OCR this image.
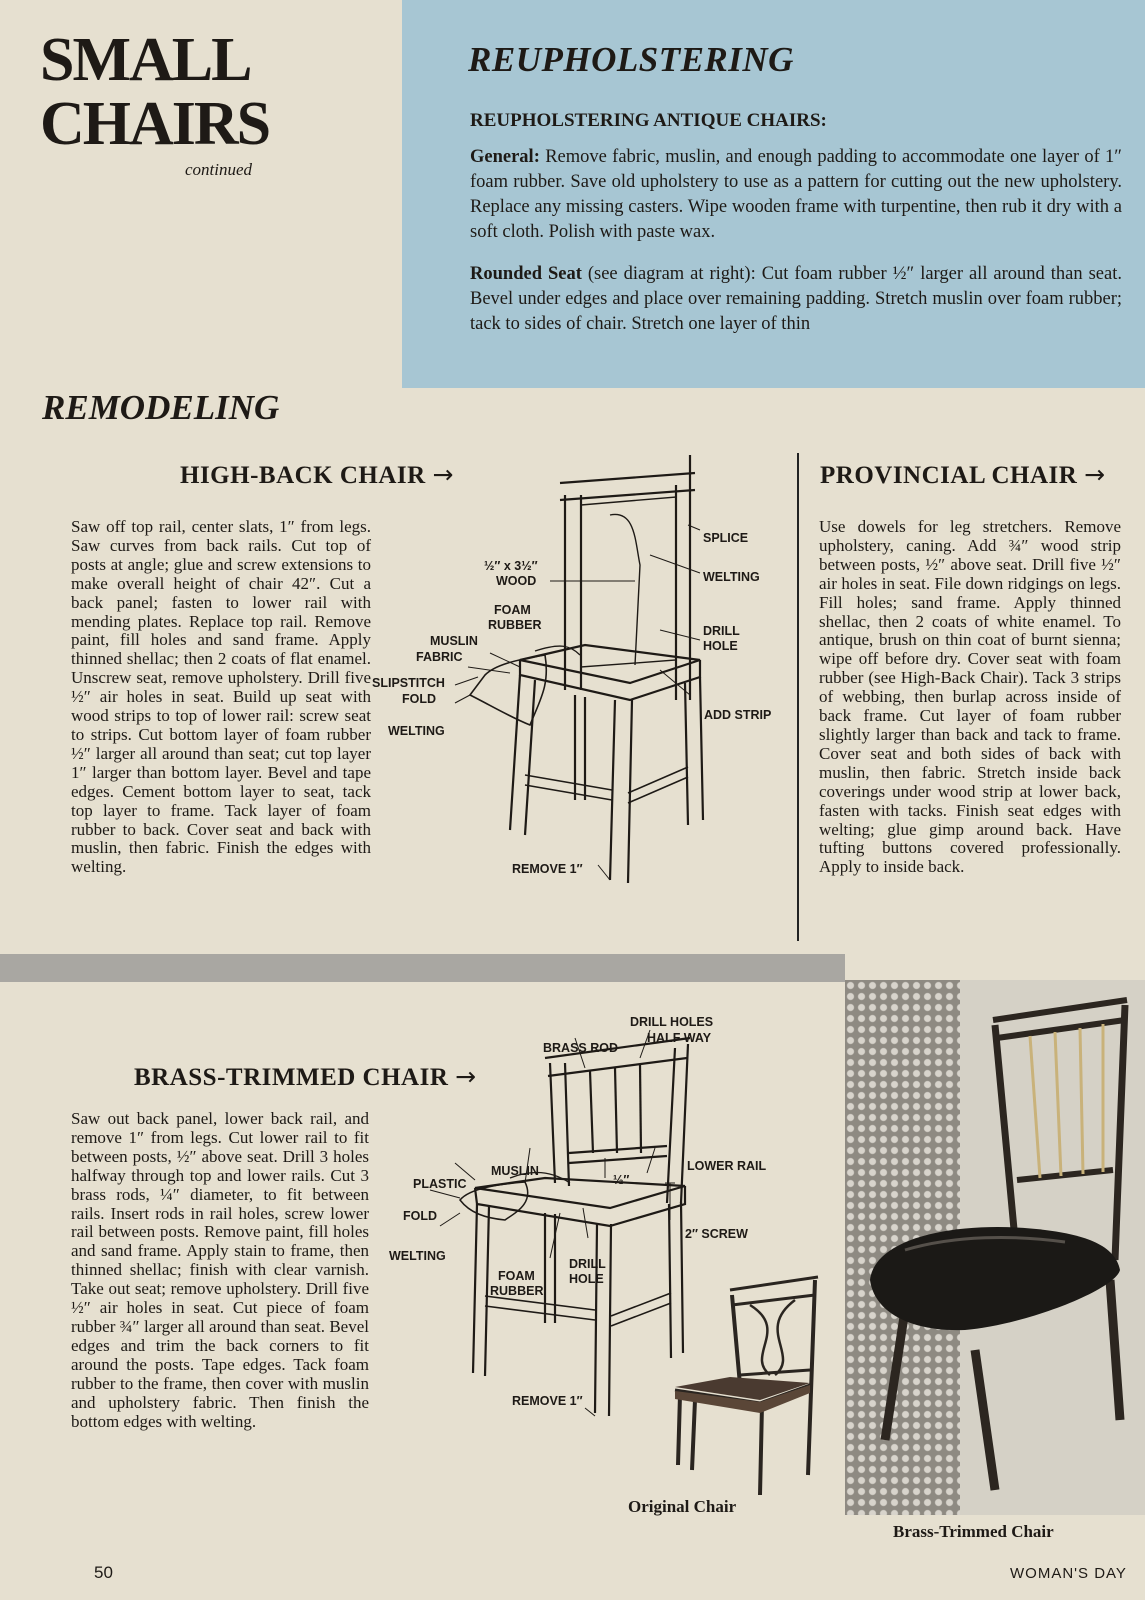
SMALL
CHAIRS
continued
REUPHOLSTERING
REUPHOLSTERING ANTIQUE CHAIRS:

General: Remove fabric, muslin, and enough padding to accommodate one layer of 1″ foam rubber. Save old upholstery to use as a pattern for cutting out the new upholstery. Replace any missing casters. Wipe wooden frame with turpentine, then rub it dry with a soft cloth. Polish with paste wax.

Rounded Seat (see diagram at right): Cut foam rubber ½″ larger all around than seat. Bevel under edges and place over remaining padding. Stretch muslin over foam rubber; tack to sides of chair. Stretch one layer of thin

REMODELING
HIGH-BACK CHAIR →

Saw off top rail, center slats, 1″ from legs. Saw curves from back rails. Cut top of posts at angle; glue and screw extensions to make overall height of chair 42″. Cut a back panel; fasten to lower rail with mending plates. Replace top rail. Remove paint, fill holes and sand frame. Apply thinned shellac; then 2 coats of flat enamel. Unscrew seat, remove upholstery. Drill five ½″ air holes in seat. Build up seat with wood strips to top of lower rail: screw seat to strips. Cut bottom layer of foam rubber ½″ larger all around than seat; cut top layer 1″ larger than bottom layer. Bevel and tape edges. Cement bottom layer to seat, tack top layer to frame. Tack layer of foam rubber to back. Cover seat and back with muslin, then fabric. Finish the edges with welting.

½″ x 3½″
WOOD
FOAM
RUBBER
MUSLIN
FABRIC
SLIPSTITCH
FOLD
WELTING
SPLICE
WELTING
DRILL
HOLE
ADD STRIP
REMOVE 1″
PROVINCIAL CHAIR →

Use dowels for leg stretchers. Remove upholstery, caning. Add ¾″ wood strip between posts, ½″ above seat. Drill five ½″ air holes in seat. File down ridgings on legs. Fill holes; sand frame. Apply thinned shellac, then 2 coats of white enamel. To antique, brush on thin coat of burnt sienna; wipe off before dry. Cover seat with foam rubber (see High-Back Chair). Tack 3 strips of webbing, then burlap across inside of back frame. Cut layer of foam rubber slightly larger than back and tack to frame. Cover seat and both sides of back with muslin, then fabric. Stretch inside back coverings under wood strip at lower back, fasten with tacks. Finish seat edges with welting; glue gimp around back. Have tufting buttons covered professionally. Apply to inside back.

BRASS-TRIMMED CHAIR →

Saw out back panel, lower back rail, and remove 1″ from legs. Cut lower rail to fit between posts, ½″ above seat. Drill 3 holes halfway through top and lower rails. Cut 3 brass rods, ¼″ diameter, to fit between rails. Insert rods in rail holes, screw lower rail between posts. Remove paint, fill holes and sand frame. Apply stain to frame, then thinned shellac; finish with clear varnish. Take out seat; remove upholstery. Drill five ½″ air holes in seat. Cut piece of foam rubber ¾″ larger all around than seat. Bevel edges and trim the back corners to fit around the posts. Tape edges. Tack foam rubber to the frame, then cover with muslin and upholstery fabric. Then finish the bottom edges with welting.

DRILL HOLES
HALF WAY
BRASS ROD
MUSLIN
PLASTIC	½″
LOWER RAIL
FOLD
2″ SCREW
WELTING
FOAM
RUBBER
DRILL
HOLE
REMOVE 1″
Original Chair
Brass-Trimmed Chair
50	WOMAN'S DAY
